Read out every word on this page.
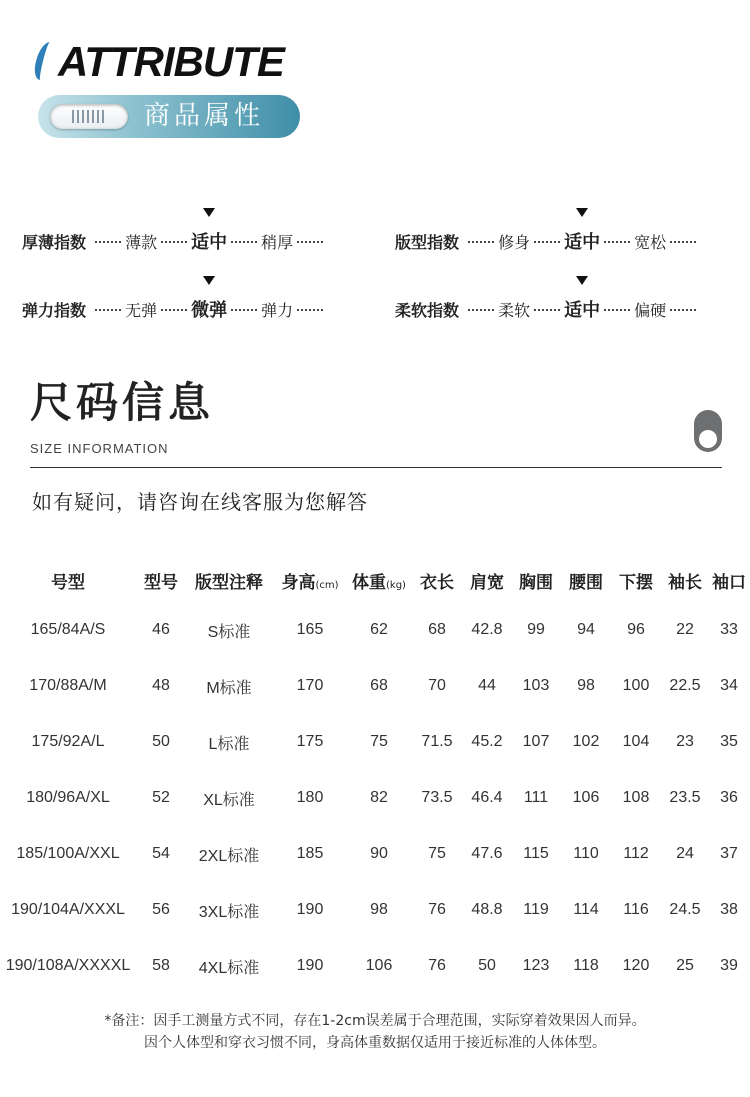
ATTRIBUTE
商品属性
厚薄指数 薄款 适中 稍厚	版型指数 修身 适中 宽松
弹力指数 无弹 微弹 弹力	柔软指数 柔软 适中 偏硬
尺码信息
SIZE INFORMATION
如有疑问，请咨询在线客服为您解答
号型	型号	版型注释	身高(cm)	体重(kg)	衣长	肩宽	胸围	腰围	下摆	袖长	袖口
165/84A/S	46	S标准	165	62	68	42.8	99	94	96	22	33
170/88A/M	48	M标准	170	68	70	44	103	98	100	22.5	34
175/92A/L	50	L标准	175	75	71.5	45.2	107	102	104	23	35
180/96A/XL	52	XL标准	180	82	73.5	46.4	111	106	108	23.5	36
185/100A/XXL	54	2XL标准	185	90	75	47.6	115	110	112	24	37
190/104A/XXXL	56	3XL标准	190	98	76	48.8	119	114	116	24.5	38
190/108A/XXXXL	58	4XL标准	190	106	76	50	123	118	120	25	39
*备注：因手工测量方式不同，存在1-2cm误差属于合理范围，实际穿着效果因人而异。
因个人体型和穿衣习惯不同，身高体重数据仅适用于接近标准的人体体型。
